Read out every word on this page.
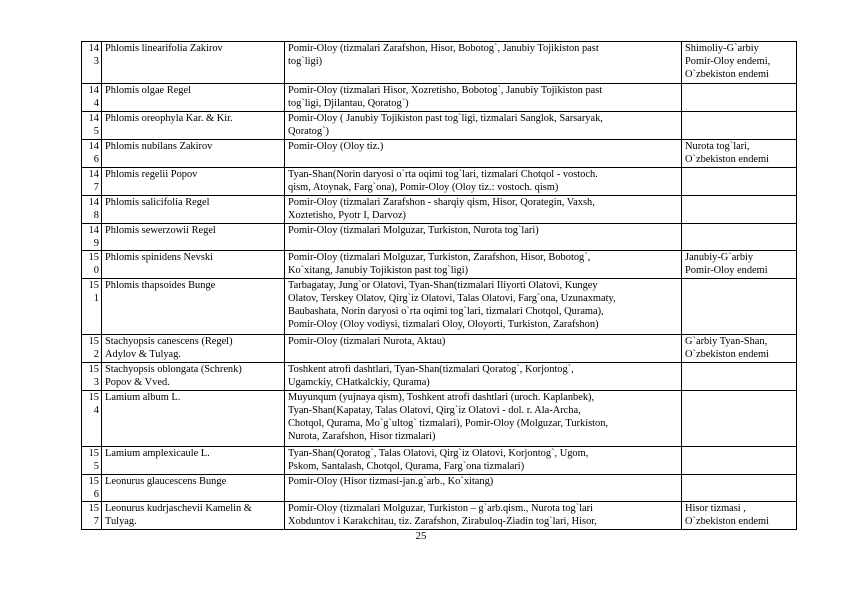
143	Phlomis linearifolia Zakirov	Pomir-Oloy (tizmalari Zarafshon, Hisor, Bobotog`, Janubiy Tojikiston past
tog`ligi)	Shimoliy-G`arbiy
Pomir-Oloy endemi,
O`zbekiston endemi

144	Phlomis olgae Regel	Pomir-Oloy (tizmalari Hisor, Xozretisho, Bobotog`, Janubiy Tojikiston past
tog`ligi, Djilantau, Qoratog`)	

145	Phlomis oreophyla Kar. & Kir.	Pomir-Oloy ( Janubiy Tojikiston past tog`ligi, tizmalari Sanglok, Sarsaryak,
Qoratog`)	

146	Phlomis nubilans Zakirov	Pomir-Oloy (Oloy tiz.)	Nurota tog`lari,
O`zbekiston endemi

147	Phlomis regelii Popov	Tyan-Shan(Norin daryosi o`rta oqimi tog`lari, tizmalari Chotqol - vostoch.
qism, Atoynak, Farg`ona), Pomir-Oloy (Oloy tiz.: vostoch. qism)	

148	Phlomis salicifolia Regel	Pomir-Oloy (tizmalari Zarafshon - sharqiy qism, Hisor, Qorategin, Vaxsh,
Xoztetisho, Pyotr I, Darvoz)	

149	Phlomis sewerzowii Regel	Pomir-Oloy (tizmalari Molguzar, Turkiston, Nurota tog`lari)	

150	Phlomis spinidens Nevski	Pomir-Oloy (tizmalari Molguzar, Turkiston, Zarafshon, Hisor, Bobotog`,
Ko`xitang, Janubiy Tojikiston past tog`ligi)	Janubiy-G`arbiy
Pomir-Oloy endemi

151	Phlomis thapsoides Bunge	Tarbagatay, Jung`or Olatovi, Tyan-Shan(tizmalari Iliyorti Olatovi, Kungey
Olatov, Terskey Olatov, Qirg`iz Olatovi, Talas Olatovi, Farg`ona, Uzunaxmaty,
Baubashata, Norin daryosi o`rta oqimi tog`lari, tizmalari Chotqol, Qurama),
Pomir-Oloy (Oloy vodiysi, tizmalari Oloy, Oloyorti, Turkiston, Zarafshon)	

152	Stachyopsis canescens (Regel)
Adylov & Tulyag.	Pomir-Oloy (tizmalari Nurota, Aktau)	G`arbiy Tyan-Shan,
O`zbekiston endemi

153	Stachyopsis oblongata (Schrenk)
Popov & Vved.	Toshkent atrofi dashtlari, Tyan-Shan(tizmalari Qoratog`, Korjontog`,
Ugamckiy, CHatkalckiy, Qurama)	

154	Lamium album L.	Muyunqum (yujnaya qism), Toshkent atrofi dashtlari (uroch. Kaplanbek),
Tyan-Shan(Kapatay, Talas Olatovi, Qirg`iz Olatovi - dol. r. Ala-Archa,
Chotqol, Qurama, Mo`g`ultog` tizmalari), Pomir-Oloy (Molguzar, Turkiston,
Nurota, Zarafshon, Hisor tizmalari)	

155	Lamium amplexicaule L.	Tyan-Shan(Qoratog`, Talas Olatovi, Qirg`iz Olatovi, Korjontog`, Ugom,
Pskom, Santalash, Chotqol, Qurama, Farg`ona tizmalari)	

156	Leonurus glaucescens Bunge	Pomir-Oloy (Hisor tizmasi-jan.g`arb., Ko`xitang)	

157	Leonurus kudrjaschevii Kamelin &
Tulyag.	Pomir-Oloy (tizmalari Molguzar, Turkiston – g`arb.qism., Nurota tog`lari
Xobduntov i Karakchitau, tiz. Zarafshon, Zirabuloq-Ziadin tog`lari, Hisor,	Hisor tizmasi ,
O`zbekiston endemi
25
